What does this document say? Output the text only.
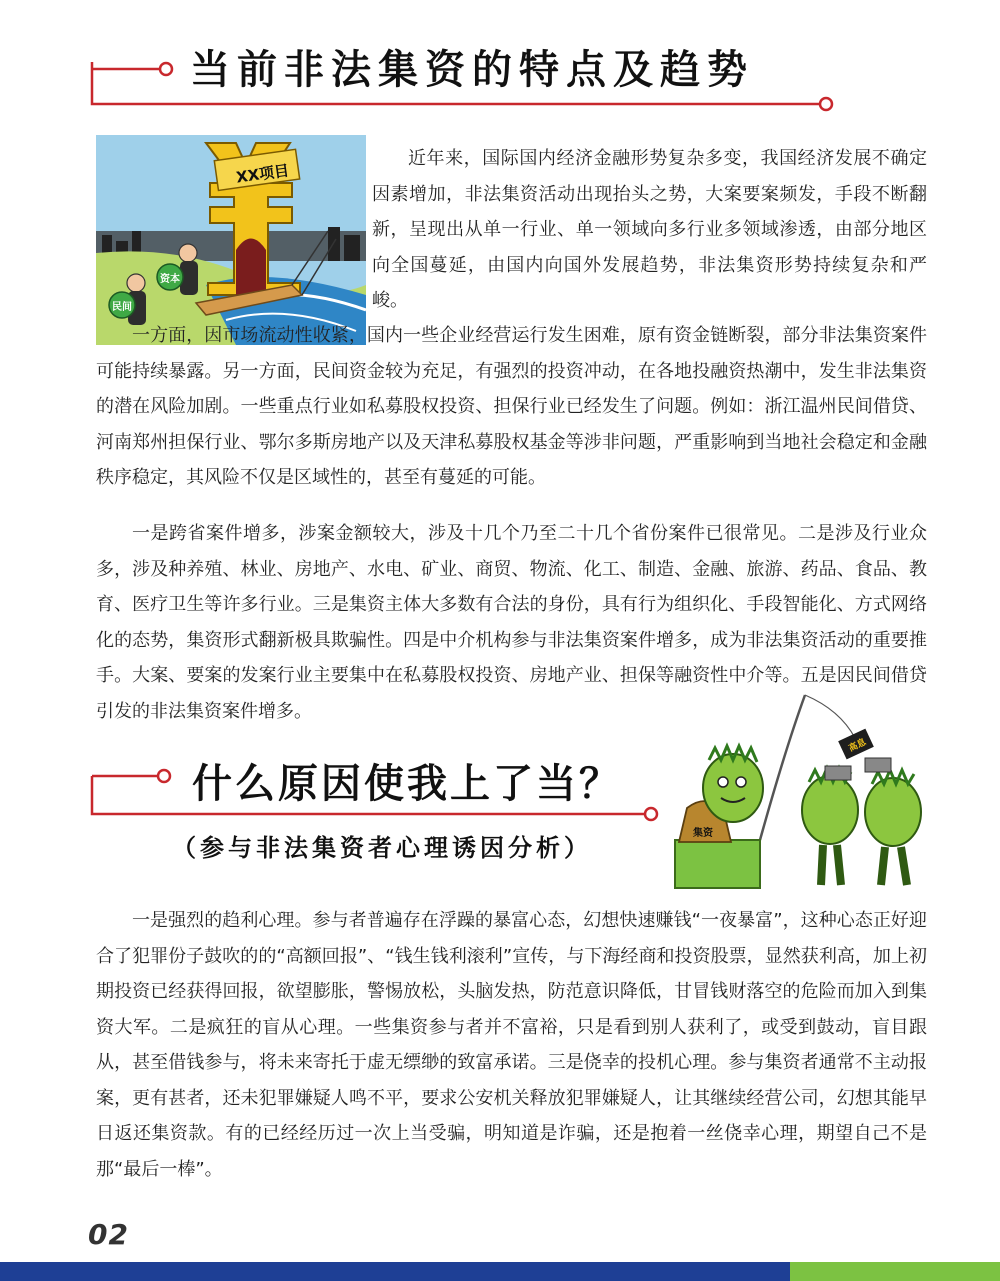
当前非法集资的特点及趋势
XX项目
资本
民间

近年来，国际国内经济金融形势复杂多变，我国经济发展不确定因素增加，非法集资活动出现抬头之势，大案要案频发，手段不断翻新，呈现出从单一行业、单一领域向多行业多领域渗透，由部分地区向全国蔓延，由国内向国外发展趋势，非法集资形势持续复杂和严峻。

一方面，因市场流动性收紧，国内一些企业经营运行发生困难，原有资金链断裂，部分非法集资案件可能持续暴露。另一方面，民间资金较为充足，有强烈的投资冲动，在各地投融资热潮中，发生非法集资的潜在风险加剧。一些重点行业如私募股权投资、担保行业已经发生了问题。例如：浙江温州民间借贷、河南郑州担保行业、鄂尔多斯房地产以及天津私募股权基金等涉非问题，严重影响到当地社会稳定和金融秩序稳定，其风险不仅是区域性的，甚至有蔓延的可能。

一是跨省案件增多，涉案金额较大，涉及十几个乃至二十几个省份案件已很常见。二是涉及行业众多，涉及种养殖、林业、房地产、水电、矿业、商贸、物流、化工、制造、金融、旅游、药品、食品、教育、医疗卫生等许多行业。三是集资主体大多数有合法的身份，具有行为组织化、手段智能化、方式网络化的态势，集资形式翻新极具欺骗性。四是中介机构参与非法集资案件增多，成为非法集资活动的重要推手。大案、要案的发案行业主要集中在私募股权投资、房地产业、担保等融资性中介等。五是因民间借贷引发的非法集资案件增多。

什么原因使我上了当？
（参与非法集资者心理诱因分析）
高息
集资

一是强烈的趋利心理。参与者普遍存在浮躁的暴富心态，幻想快速赚钱“一夜暴富”，这种心态正好迎合了犯罪份子鼓吹的的“高额回报”、“钱生钱利滚利”宣传，与下海经商和投资股票，显然获利高，加上初期投资已经获得回报，欲望膨胀，警惕放松，头脑发热，防范意识降低，甘冒钱财落空的危险而加入到集资大军。二是疯狂的盲从心理。一些集资参与者并不富裕，只是看到别人获利了，或受到鼓动，盲目跟从，甚至借钱参与，将未来寄托于虚无缥缈的致富承诺。三是侥幸的投机心理。参与集资者通常不主动报案，更有甚者，还未犯罪嫌疑人鸣不平，要求公安机关释放犯罪嫌疑人，让其继续经营公司，幻想其能早日返还集资款。有的已经经历过一次上当受骗，明知道是诈骗，还是抱着一丝侥幸心理，期望自己不是那“最后一棒”。

02
